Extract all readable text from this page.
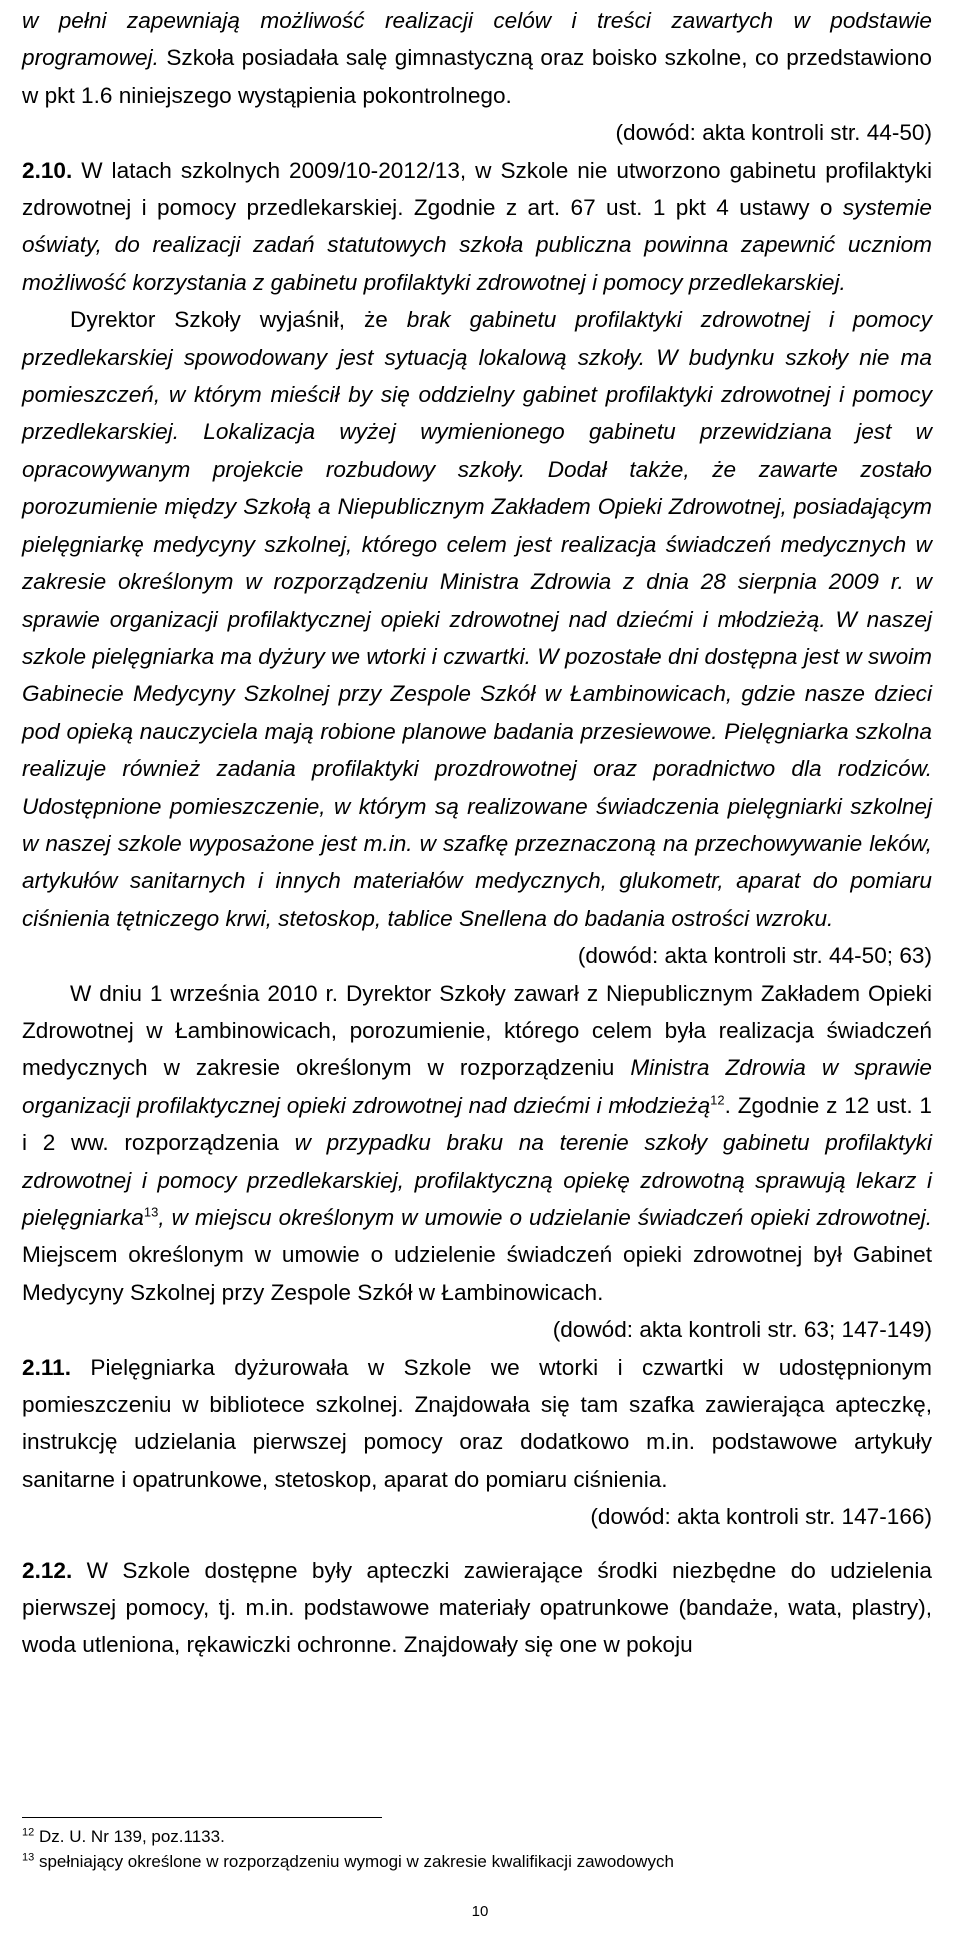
w pełni zapewniają możliwość realizacji celów i treści zawartych w podstawie programowej. Szkoła posiadała salę gimnastyczną oraz boisko szkolne, co przedstawiono w pkt 1.6 niniejszego wystąpienia pokontrolnego.

(dowód: akta kontroli str. 44-50)

2.10. W latach szkolnych 2009/10-2012/13, w Szkole nie utworzono gabinetu profilaktyki zdrowotnej i pomocy przedlekarskiej. Zgodnie z art. 67 ust. 1 pkt 4 ustawy o systemie oświaty, do realizacji zadań statutowych szkoła publiczna powinna zapewnić uczniom możliwość korzystania z gabinetu profilaktyki zdrowotnej i pomocy przedlekarskiej.

Dyrektor Szkoły wyjaśnił, że brak gabinetu profilaktyki zdrowotnej i pomocy przedlekarskiej spowodowany jest sytuacją lokalową szkoły. W budynku szkoły nie ma pomieszczeń, w którym mieścił by się oddzielny gabinet profilaktyki zdrowotnej i pomocy przedlekarskiej. Lokalizacja wyżej wymienionego gabinetu przewidziana jest w opracowywanym projekcie rozbudowy szkoły. Dodał także, że zawarte zostało porozumienie między Szkołą a Niepublicznym Zakładem Opieki Zdrowotnej, posiadającym pielęgniarkę medycyny szkolnej, którego celem jest realizacja świadczeń medycznych w zakresie określonym w rozporządzeniu Ministra Zdrowia z dnia 28 sierpnia 2009 r. w sprawie organizacji profilaktycznej opieki zdrowotnej nad dziećmi i młodzieżą. W naszej szkole pielęgniarka ma dyżury we wtorki i czwartki. W pozostałe dni dostępna jest w swoim Gabinecie Medycyny Szkolnej przy Zespole Szkół w Łambinowicach, gdzie nasze dzieci pod opieką nauczyciela mają robione planowe badania przesiewowe. Pielęgniarka szkolna realizuje również zadania profilaktyki prozdrowotnej oraz poradnictwo dla rodziców. Udostępnione pomieszczenie, w którym są realizowane świadczenia pielęgniarki szkolnej w naszej szkole wyposażone jest m.in. w szafkę przeznaczoną na przechowywanie leków, artykułów sanitarnych i innych materiałów medycznych, glukometr, aparat do pomiaru ciśnienia tętniczego krwi, stetoskop, tablice Snellena do badania ostrości wzroku.

(dowód: akta kontroli str. 44-50; 63)

W dniu 1 września 2010 r. Dyrektor Szkoły zawarł z Niepublicznym Zakładem Opieki Zdrowotnej w Łambinowicach, porozumienie, którego celem była realizacja świadczeń medycznych w zakresie określonym w rozporządzeniu Ministra Zdrowia w sprawie organizacji profilaktycznej opieki zdrowotnej nad dziećmi i młodzieżą$^{12}$. Zgodnie z 12 ust. 1 i 2 ww. rozporządzenia w przypadku braku na terenie szkoły gabinetu profilaktyki zdrowotnej i pomocy przedlekarskiej, profilaktyczną opiekę zdrowotną sprawują lekarz i pielęgniarka$^{13}$, w miejscu określonym w umowie o udzielanie świadczeń opieki zdrowotnej. Miejscem określonym w umowie o udzielenie świadczeń opieki zdrowotnej był Gabinet Medycyny Szkolnej przy Zespole Szkół w Łambinowicach.

(dowód: akta kontroli str. 63; 147-149)

2.11. Pielęgniarka dyżurowała w Szkole we wtorki i czwartki w udostępnionym pomieszczeniu w bibliotece szkolnej. Znajdowała się tam szafka zawierająca apteczkę, instrukcję udzielania pierwszej pomocy oraz dodatkowo m.in. podstawowe artykuły sanitarne i opatrunkowe, stetoskop, aparat do pomiaru ciśnienia.

(dowód: akta kontroli str. 147-166)

2.12. W Szkole dostępne były apteczki zawierające środki niezbędne do udzielenia pierwszej pomocy, tj. m.in. podstawowe materiały opatrunkowe (bandaże, wata, plastry), woda utleniona, rękawiczki ochronne. Znajdowały się one w pokoju

$^{12}$ Dz. U. Nr 139, poz.1133.

$^{13}$ spełniający określone w rozporządzeniu wymogi w zakresie kwalifikacji zawodowych

10
